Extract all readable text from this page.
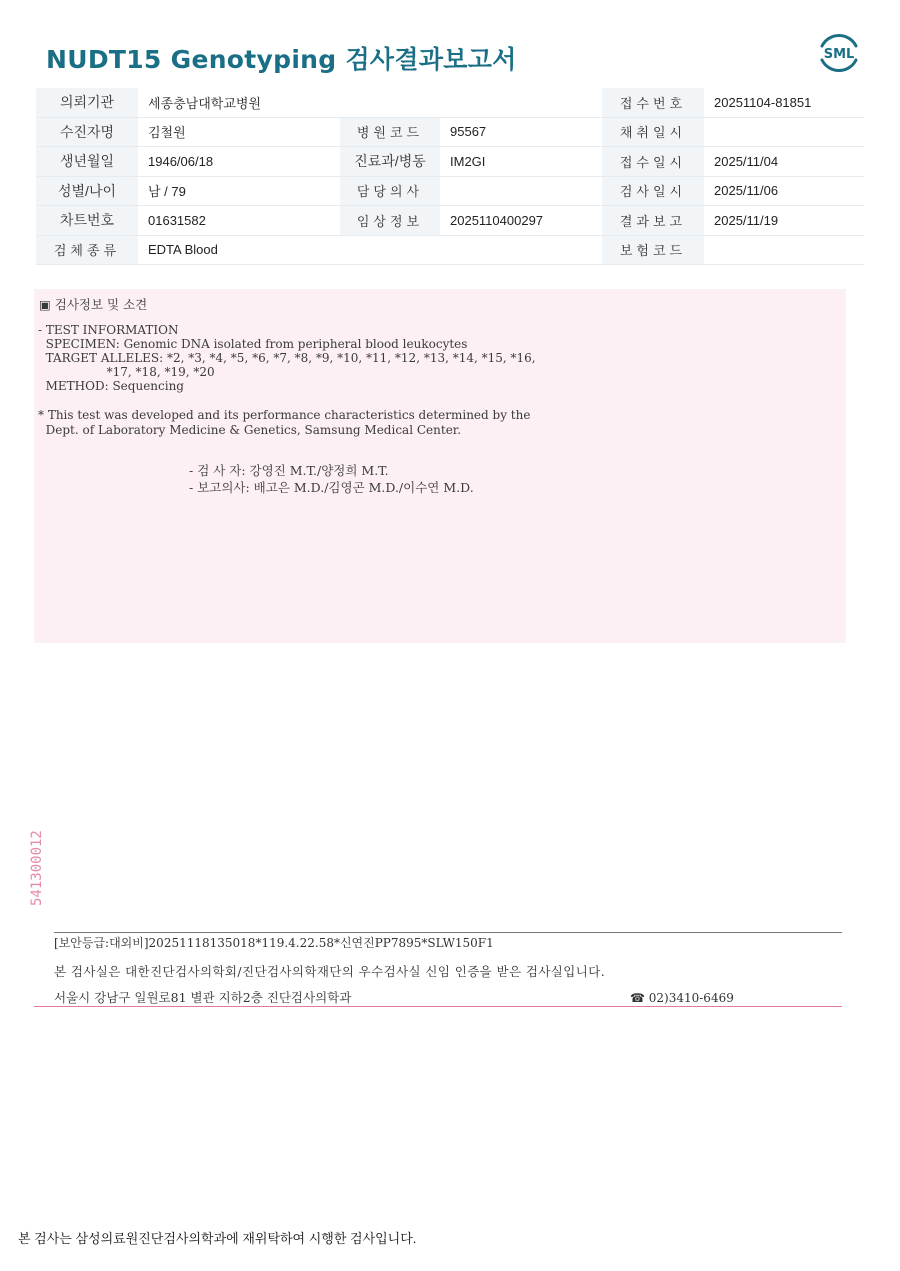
NUDT15 Genotyping 검사결과보고서	SML
의뢰기관	세종충남대학교병원			접수번호	20251104-81851
수진자명	김철원	병원코드	95567	채취일시	
생년월일	1946/06/18	진료과/병동	IM2GI	접수일시	2025/11/04
성별/나이	남 / 79	담당의사		검사일시	2025/11/06
차트번호	01631582	임상정보	2025110400297	결과보고	2025/11/19
검체종류	EDTA Blood			보험코드	
▣ 검사정보 및 소견
- TEST INFORMATION
SPECIMEN: Genomic DNA isolated from peripheral blood leukocytes
TARGET ALLELES: *2, *3, *4, *5, *6, *7, *8, *9, *10, *11, *12, *13, *14, *15, *16,
*17, *18, *19, *20
METHOD: Sequencing
* This test was developed and its performance characteristics determined by the
Dept. of Laboratory Medicine & Genetics, Samsung Medical Center.
- 검 사 자: 강영진 M.T./양정희 M.T.
- 보고의사: 배고은 M.D./김영곤 M.D./이수연 M.D.
541300012
[보안등급:대외비]20251118135018*119.4.22.58*신연진PP7895*SLW150F1
본 검사실은 대한진단검사의학회/진단검사의학재단의 우수검사실 신임 인증을 받은 검사실입니다.
서울시 강남구 일원로81 별관 지하2층 진단검사의학과	☎ 02)3410-6469
본 검사는 삼성의료원진단검사의학과에 재위탁하여 시행한 검사입니다.
